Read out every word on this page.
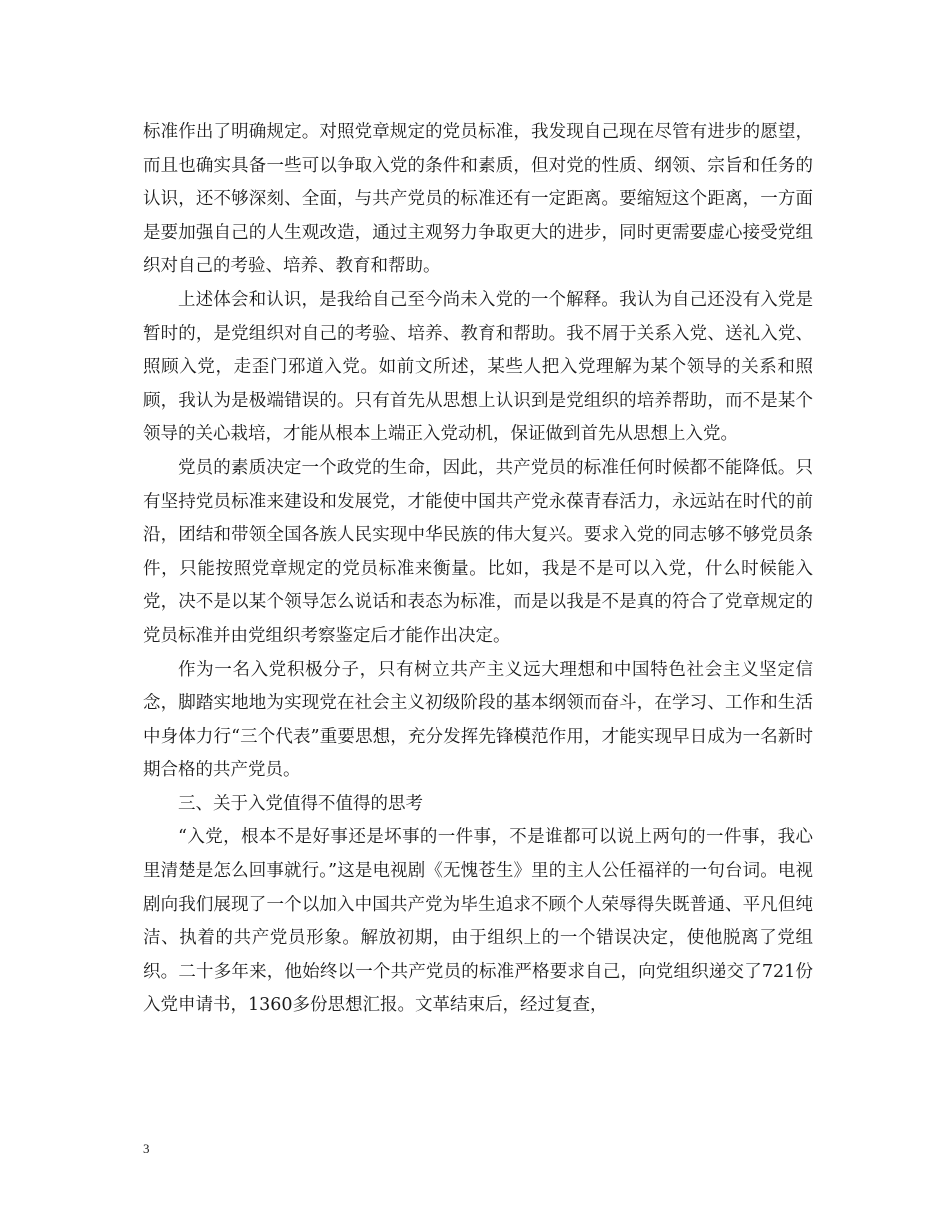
标准作出了明确规定。对照党章规定的党员标准，我发现自己现在尽管有进步的愿望，而且也确实具备一些可以争取入党的条件和素质，但对党的性质、纲领、宗旨和任务的认识，还不够深刻、全面，与共产党员的标准还有一定距离。要缩短这个距离，一方面是要加强自己的人生观改造，通过主观努力争取更大的进步，同时更需要虚心接受党组织对自己的考验、培养、教育和帮助。

上述体会和认识，是我给自己至今尚未入党的一个解释。我认为自己还没有入党是暂时的，是党组织对自己的考验、培养、教育和帮助。我不屑于关系入党、送礼入党、照顾入党，走歪门邪道入党。如前文所述，某些人把入党理解为某个领导的关系和照顾，我认为是极端错误的。只有首先从思想上认识到是党组织的培养帮助，而不是某个领导的关心栽培，才能从根本上端正入党动机，保证做到首先从思想上入党。

党员的素质决定一个政党的生命，因此，共产党员的标准任何时候都不能降低。只有坚持党员标准来建设和发展党，才能使中国共产党永葆青春活力，永远站在时代的前沿，团结和带领全国各族人民实现中华民族的伟大复兴。要求入党的同志够不够党员条件，只能按照党章规定的党员标准来衡量。比如，我是不是可以入党，什么时候能入党，决不是以某个领导怎么说话和表态为标准，而是以我是不是真的符合了党章规定的党员标准并由党组织考察鉴定后才能作出决定。

作为一名入党积极分子，只有树立共产主义远大理想和中国特色社会主义坚定信念，脚踏实地地为实现党在社会主义初级阶段的基本纲领而奋斗，在学习、工作和生活中身体力行“三个代表”重要思想，充分发挥先锋模范作用，才能实现早日成为一名新时期合格的共产党员。

三、关于入党值得不值得的思考

“入党，根本不是好事还是坏事的一件事，不是谁都可以说上两句的一件事，我心里清楚是怎么回事就行。”这是电视剧《无愧苍生》里的主人公任福祥的一句台词。电视剧向我们展现了一个以加入中国共产党为毕生追求不顾个人荣辱得失既普通、平凡但纯洁、执着的共产党员形象。解放初期，由于组织上的一个错误决定，使他脱离了党组织。二十多年来，他始终以一个共产党员的标准严格要求自己，向党组织递交了721份入党申请书，1360多份思想汇报。文革结束后，经过复查，

3
